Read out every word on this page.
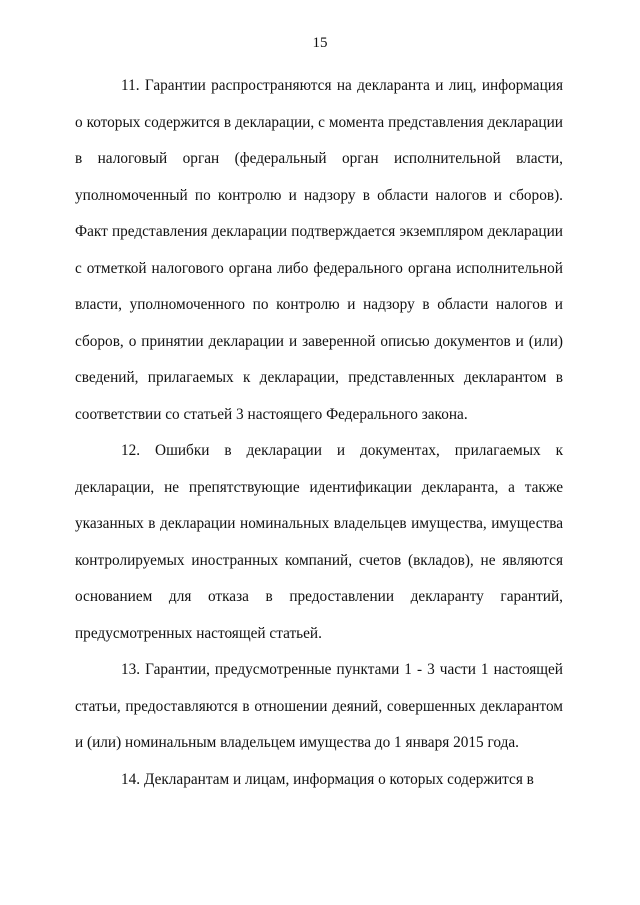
15

11. Гарантии распространяются на декларанта и лиц, информация о которых содержится в декларации, с момента представления декларации в налоговый орган (федеральный орган исполнительной власти, уполномоченный по контролю и надзору в области налогов и сборов). Факт представления декларации подтверждается экземпляром декларации с отметкой налогового органа либо федерального органа исполнительной власти, уполномоченного по контролю и надзору в области налогов и сборов, о принятии декларации и заверенной описью документов и (или) сведений, прилагаемых к декларации, представленных декларантом в соответствии со статьей 3 настоящего Федерального закона.

12. Ошибки в декларации и документах, прилагаемых к декларации, не препятствующие идентификации декларанта, а также указанных в декларации номинальных владельцев имущества, имущества контролируемых иностранных компаний, счетов (вкладов), не являются основанием для отказа в предоставлении декларанту гарантий, предусмотренных настоящей статьей.

13. Гарантии, предусмотренные пунктами 1 - 3 части 1 настоящей статьи, предоставляются в отношении деяний, совершенных декларантом и (или) номинальным владельцем имущества до 1 января 2015 года.

14. Декларантам и лицам, информация о которых содержится в
